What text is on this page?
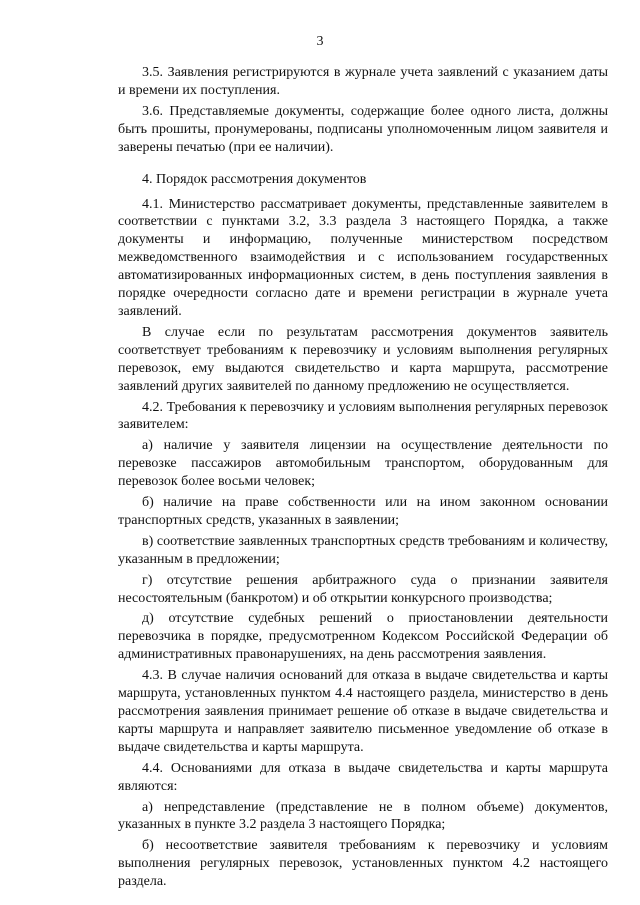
3

3.5. Заявления регистрируются в журнале учета заявлений с указанием даты и времени их поступления.

3.6. Представляемые документы, содержащие более одного листа, должны быть прошиты, пронумерованы, подписаны уполномоченным лицом заявителя и заверены печатью (при ее наличии).

4. Порядок рассмотрения документов

4.1. Министерство рассматривает документы, представленные заявителем в соответствии с пунктами 3.2, 3.3 раздела 3 настоящего Порядка, а также документы и информацию, полученные министерством посредством межведомственного взаимодействия и с использованием государственных автоматизированных информационных систем, в день поступления заявления в порядке очередности согласно дате и времени регистрации в журнале учета заявлений.

В случае если по результатам рассмотрения документов заявитель соответствует требованиям к перевозчику и условиям выполнения регулярных перевозок, ему выдаются свидетельство и карта маршрута, рассмотрение заявлений других заявителей по данному предложению не осуществляется.

4.2. Требования к перевозчику и условиям выполнения регулярных перевозок заявителем:

а) наличие у заявителя лицензии на осуществление деятельности по перевозке пассажиров автомобильным транспортом, оборудованным для перевозок более восьми человек;

б) наличие на праве собственности или на ином законном основании транспортных средств, указанных в заявлении;

в) соответствие заявленных транспортных средств требованиям и количеству, указанным в предложении;

г) отсутствие решения арбитражного суда о признании заявителя несостоятельным (банкротом) и об открытии конкурсного производства;

д) отсутствие судебных решений о приостановлении деятельности перевозчика в порядке, предусмотренном Кодексом Российской Федерации об административных правонарушениях, на день рассмотрения заявления.

4.3. В случае наличия оснований для отказа в выдаче свидетельства и карты маршрута, установленных пунктом 4.4 настоящего раздела, министерство в день рассмотрения заявления принимает решение об отказе в выдаче свидетельства и карты маршрута и направляет заявителю письменное уведомление об отказе в выдаче свидетельства и карты маршрута.

4.4. Основаниями для отказа в выдаче свидетельства и карты маршрута являются:

а) непредставление (представление не в полном объеме) документов, указанных в пункте 3.2 раздела 3 настоящего Порядка;

б) несоответствие заявителя требованиям к перевозчику и условиям выполнения регулярных перевозок, установленных пунктом 4.2 настоящего раздела.
